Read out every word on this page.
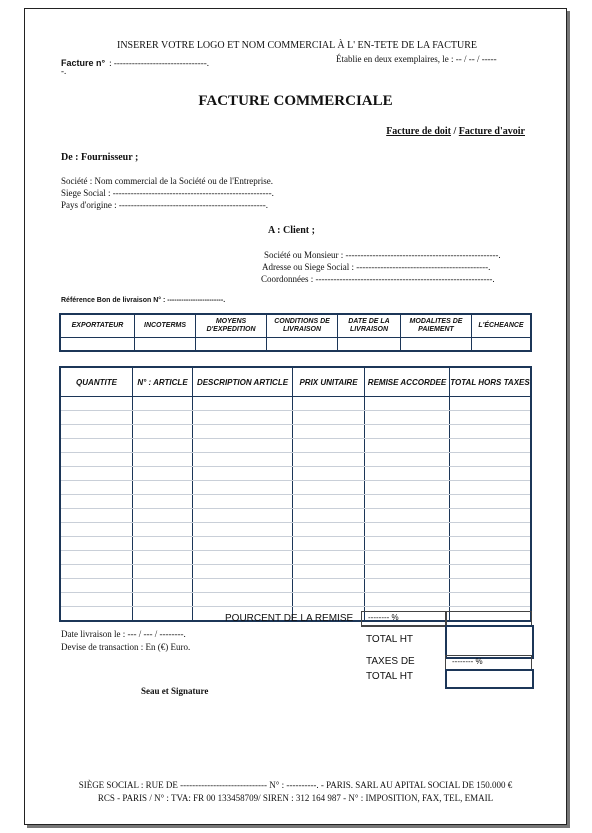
INSERER VOTRE LOGO ET NOM COMMERCIAL À L' EN-TETE DE LA FACTURE
Facture n° : -------------------------------.	Établie en deux exemplaires, le : -- / -- / -----
-.
FACTURE COMMERCIALE
Facture de doit / Facture d'avoir
De : Fournisseur ;
Société : Nom commercial de la Société ou de l'Entreprise.
Siege Social : -----------------------------------------------------.
Pays d'origine : -------------------------------------------------.
A : Client ;
Société ou Monsieur : ---------------------------------------------------.
Adresse ou Siege Social : --------------------------------------------.
Coordonnées : -----------------------------------------------------------.
Référence Bon de livraison N° : ------------------------.
EXPORTATEUR	INCOTERMS	MOYENS D'EXPEDITION	CONDITIONS DE LIVRAISON	DATE DE LA LIVRAISON	MODALITES DE PAIEMENT	L'ÉCHEANCE

QUANTITE	N° : ARTICLE	DESCRIPTION ARTICLE	PRIX UNITAIRE	REMISE ACCORDEE	TOTAL HORS TAXES

POURCENT DE LA REMISE -------- %
TOTAL HT
TAXES DE	-------- %
TOTAL HT
Date livraison le : --- / --- / --------.
Devise de transaction : En (€) Euro.
Seau et Signature
SIÈGE SOCIAL : RUE DE ----------------------------- N° : ----------. - PARIS. SARL AU APITAL SOCIAL DE 150.000 €
RCS - PARIS / N° : TVA: FR 00 133458709/ SIREN : 312 164 987 - N° : IMPOSITION, FAX, TEL, EMAIL
